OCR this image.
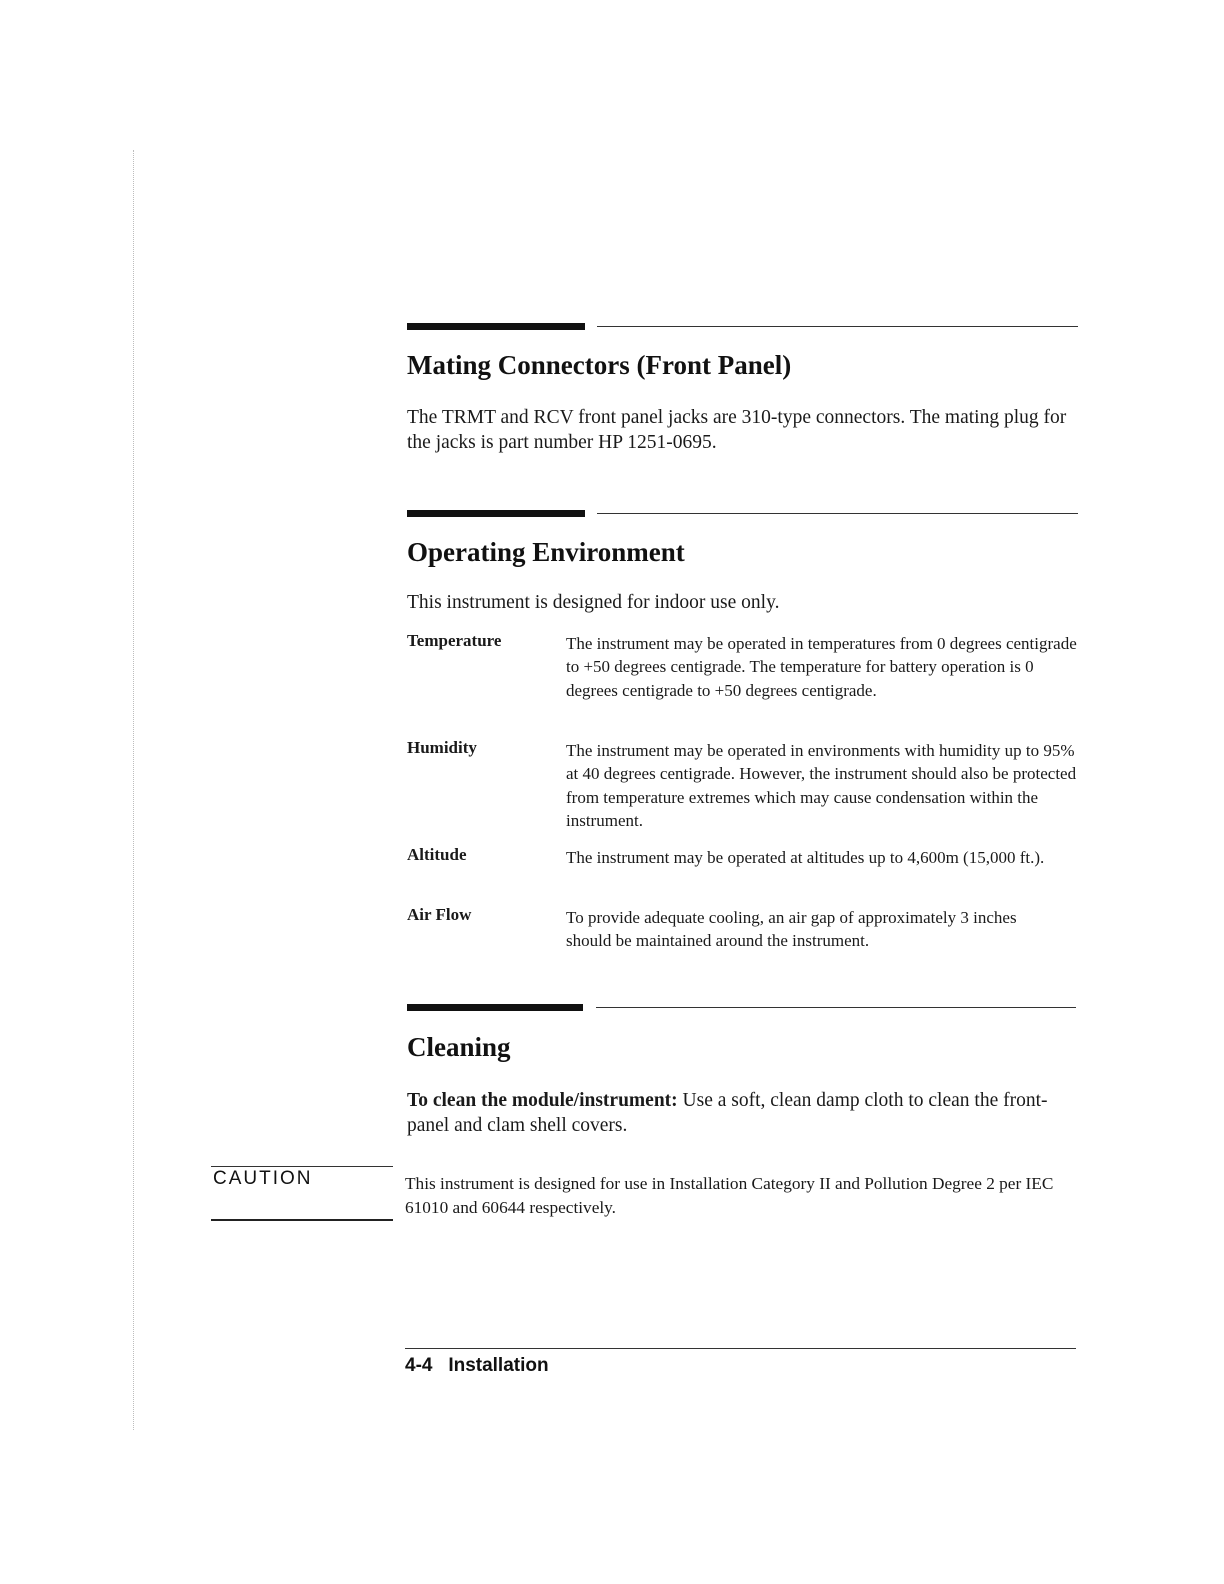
Mating Connectors (Front Panel)

The TRMT and RCV front panel jacks are 310-type connectors. The mating plug for the jacks is part number HP 1251-0695.

Operating Environment

This instrument is designed for indoor use only.

Temperature	The instrument may be operated in temperatures from 0 degrees centigrade to +50 degrees centigrade. The temperature for battery operation is 0 degrees centigrade to +50 degrees centigrade.

Humidity	The instrument may be operated in environments with humidity up to 95% at 40 degrees centigrade. However, the instrument should also be protected from temperature extremes which may cause condensation within the instrument.

Altitude	The instrument may be operated at altitudes up to 4,600m (15,000 ft.).

Air Flow	To provide adequate cooling, an air gap of approximately 3 inches should be maintained around the instrument.

Cleaning

To clean the module/instrument: Use a soft, clean damp cloth to clean the front-panel and clam shell covers.

CAUTION	This instrument is designed for use in Installation Category II and Pollution Degree 2 per IEC 61010 and 60644 respectively.

4-4 Installation
